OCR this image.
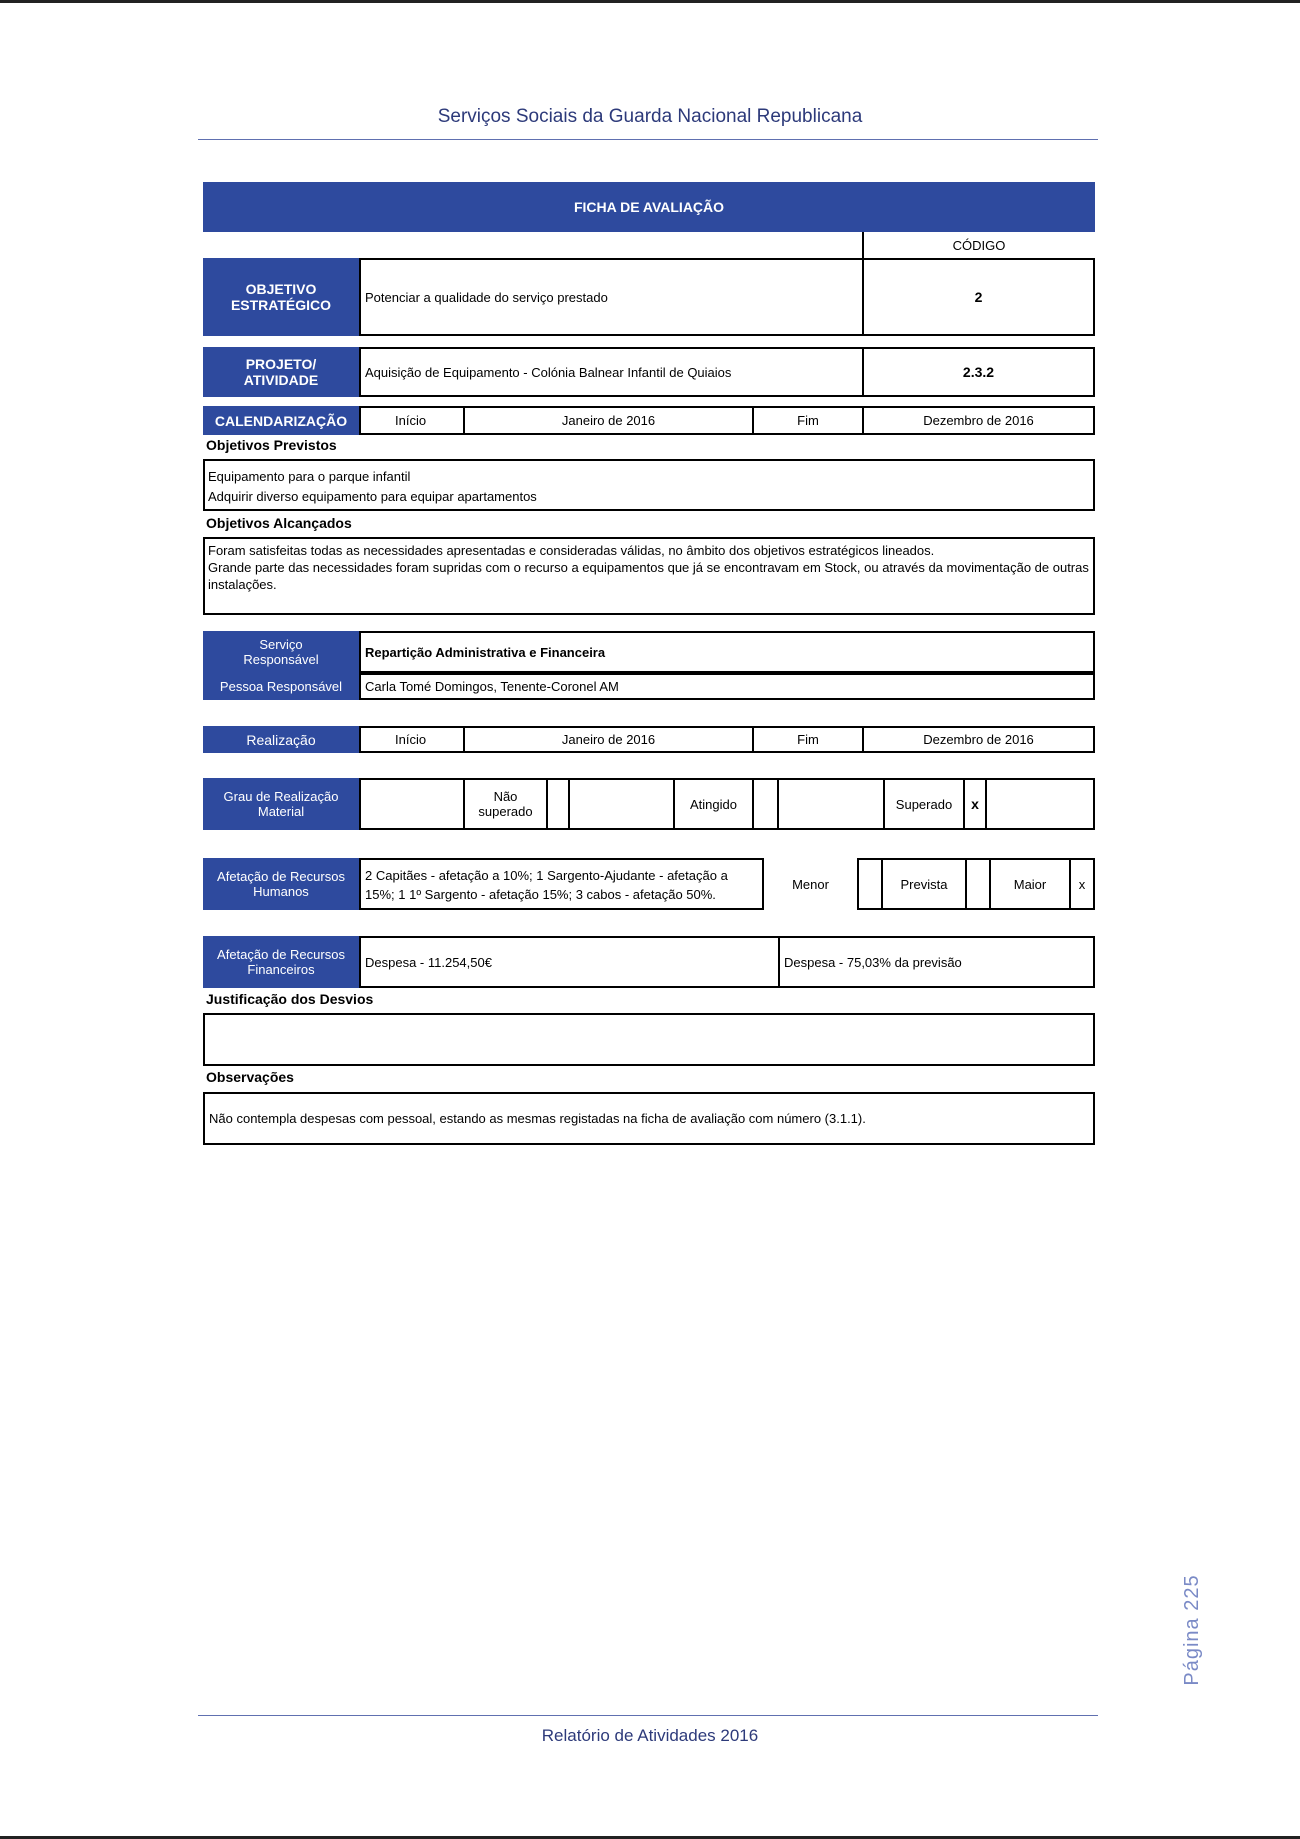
Serviços Sociais da Guarda Nacional Republicana
FICHA DE AVALIAÇÃO
CÓDIGO
OBJETIVO ESTRATÉGICO	Potenciar a qualidade do serviço prestado	2
PROJETO/ ATIVIDADE	Aquisição de Equipamento - Colónia Balnear Infantil de Quiaios	2.3.2
CALENDARIZAÇÃO	Início	Janeiro de 2016	Fim	Dezembro de 2016
Objetivos Previstos
Equipamento para o parque infantil
Adquirir diverso equipamento para equipar apartamentos
Objetivos Alcançados
Foram satisfeitas todas as necessidades apresentadas e consideradas válidas, no âmbito dos objetivos estratégicos lineados.
Grande parte das necessidades foram supridas com o recurso a equipamentos que já se encontravam em Stock, ou através da movimentação de outras instalações.
Serviço Responsável	Repartição Administrativa e Financeira
Pessoa Responsável	Carla Tomé Domingos, Tenente-Coronel AM
Realização	Início	Janeiro de 2016	Fim	Dezembro de 2016
Grau de Realização Material
Não superado	Atingido	Superado	x
Afetação de Recursos Humanos
2 Capitães - afetação a 10%; 1 Sargento-Ajudante - afetação a 15%; 1 1º Sargento - afetação 15%; 3 cabos - afetação 50%.
Menor	Prevista	Maior	x
Afetação de Recursos Financeiros	Despesa - 11.254,50€	Despesa - 75,03% da previsão
Justificação dos Desvios
Observações
Não contempla despesas com pessoal, estando as mesmas registadas na ficha de avaliação com número (3.1.1).
Página 225
Relatório de Atividades 2016
